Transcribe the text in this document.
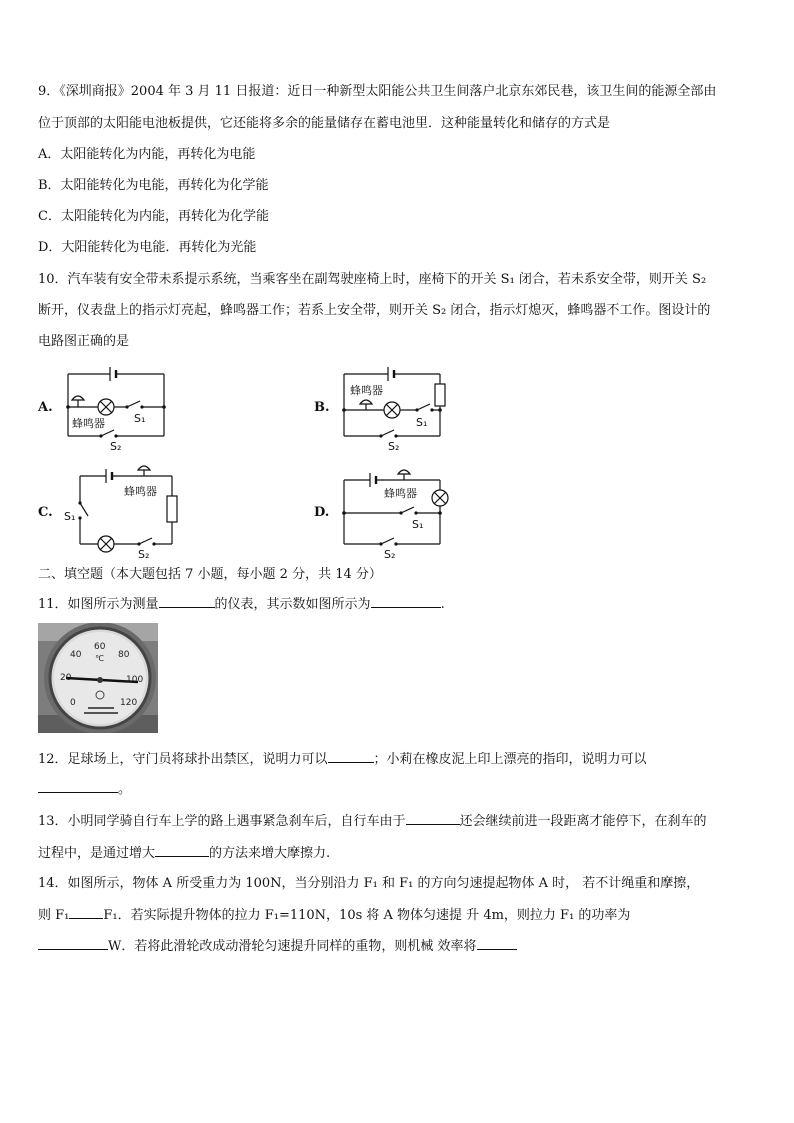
9．《深圳商报》2004 年 3 月 11 日报道：近日一种新型太阳能公共卫生间落户北京东郊民巷，该卫生间的能源全部由
位于顶部的太阳能电池板提供，它还能将多余的能量储存在蓄电池里．这种能量转化和储存的方式是
A．太阳能转化为内能，再转化为电能
B．太阳能转化为电能，再转化为化学能
C．太阳能转化为内能，再转化为化学能
D．大阳能转化为电能．再转化为光能
10．汽车装有安全带未系提示系统，当乘客坐在副驾驶座椅上时，座椅下的开关 S₁ 闭合，若未系安全带，则开关 S₂
断开，仪表盘上的指示灯亮起，蜂鸣器工作；若系上安全带，则开关 S₂ 闭合，指示灯熄灭，蜂鸣器不工作。图设计的
电路图正确的是
A.	B.
C.	D.
蜂鸣器	S₁
S₂
蜂鸣器
S₁
S₂
蜂鸣器
S₁
S₂
蜂鸣器
S₁
S₂
二、填空题（本大题包括 7 小题，每小题 2 分，共 14 分）
11．如图所示为测量	的仪表，其示数如图所示为	.
40
60
80
20	100
0	120
℃
12．足球场上，守门员将球扑出禁区，说明力可以	；小莉在橡皮泥上印上漂亮的指印，说明力可以
。
13．小明同学骑自行车上学的路上遇事紧急刹车后，自行车由于	还会继续前进一段距离才能停下，在刹车的
过程中，是通过增大	的方法来增大摩擦力.
14．如图所示，物体 A 所受重力为 100N，当分别沿力 F₁ 和 F₁ 的方向匀速提起物体 A 时， 若不计绳重和摩擦，
则 F₁	F₁．若实际提升物体的拉力 F₁=110N，10s 将 A 物体匀速提 升 4m，则拉力 F₁ 的功率为
W．若将此滑轮改成动滑轮匀速提升同样的重物，则机械 效率将
